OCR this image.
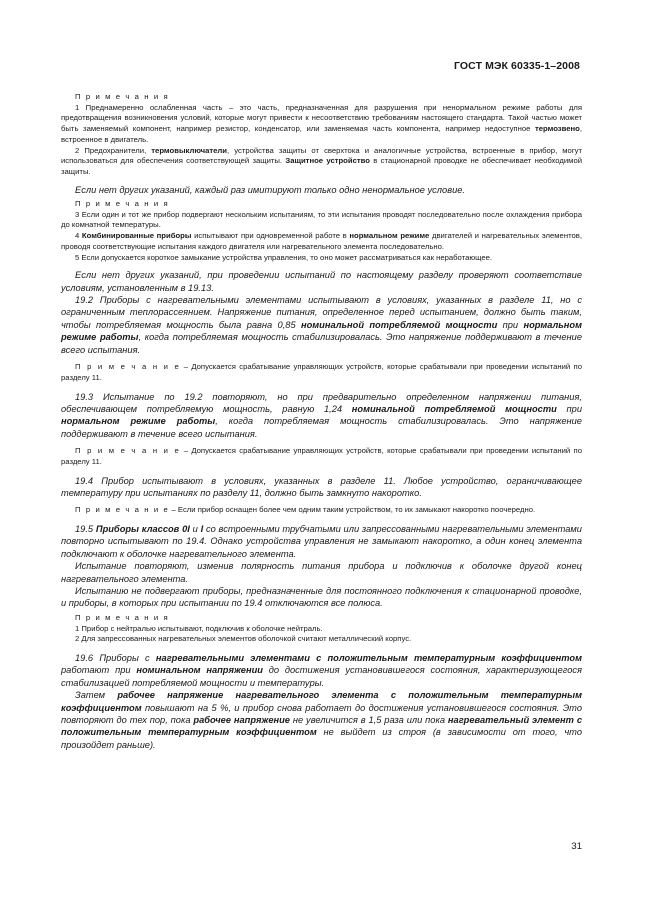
ГОСТ МЭК 60335-1–2008

П р и м е ч а н и я

1 Преднамеренно ослабленная часть – это часть, предназначенная для разрушения при ненормальном режиме работы для предотвращения возникновения условий, которые могут привести к несоответствию требованиям настоящего стандарта. Такой частью может быть заменяемый компонент, например резистор, конденсатор, или заменяемая часть компонента, например недоступное термозвено, встроенное в двигатель.

2 Предохранители, термовыключатели, устройства защиты от сверхтока и аналогичные устройства, встроенные в прибор, могут использоваться для обеспечения соответствующей защиты. Защитное устройство в стационарной проводке не обеспечивает необходимой защиты.

Если нет других указаний, каждый раз имитируют только одно ненормальное условие.

П р и м е ч а н и я

3 Если один и тот же прибор подвергают нескольким испытаниям, то эти испытания проводят последовательно после охлаждения прибора до комнатной температуры.

4 Комбинированные приборы испытывают при одновременной работе в нормальном режиме двигателей и нагревательных элементов, проводя соответствующие испытания каждого двигателя или нагревательного элемента последовательно.

5 Если допускается короткое замыкание устройства управления, то оно может рассматриваться как неработающее.

Если нет других указаний, при проведении испытаний по настоящему разделу проверяют соответствие условиям, установленным в 19.13.

19.2 Приборы с нагревательными элементами испытывают в условиях, указанных в разделе 11, но с ограниченным теплорассеянием. Напряжение питания, определенное перед испытанием, должно быть таким, чтобы потребляемая мощность была равна 0,85 номинальной потребляемой мощности при нормальном режиме работы, когда потребляемая мощность стабилизировалась. Это напряжение поддерживают в течение всего испытания.

П р и м е ч а н и е – Допускается срабатывание управляющих устройств, которые срабатывали при проведении испытаний по разделу 11.

19.3 Испытание по 19.2 повторяют, но при предварительно определенном напряжении питания, обеспечивающем потребляемую мощность, равную 1,24 номинальной потребляемой мощности при нормальном режиме работы, когда потребляемая мощность стабилизировалась. Это напряжение поддерживают в течение всего испытания.

П р и м е ч а н и е – Допускается срабатывание управляющих устройств, которые срабатывали при проведении испытаний по разделу 11.

19.4 Прибор испытывают в условиях, указанных в разделе 11. Любое устройство, ограничивающее температуру при испытаниях по разделу 11, должно быть замкнуто накоротко.

П р и м е ч а н и е – Если прибор оснащен более чем одним таким устройством, то их замыкают накоротко поочередно.

19.5 Приборы классов 0I и I со встроенными трубчатыми или запрессованными нагревательными элементами повторно испытывают по 19.4. Однако устройства управления не замыкают накоротко, а один конец элемента подключают к оболочке нагревательного элемента.

Испытание повторяют, изменив полярность питания прибора и подключив к оболочке другой конец нагревательного элемента.

Испытанию не подвергают приборы, предназначенные для постоянного подключения к стационарной проводке, и приборы, в которых при испытании по 19.4 отключаются все полюса.

П р и м е ч а н и я

1 Прибор с нейтралью испытывают, подключив к оболочке нейтраль.

2 Для запрессованных нагревательных элементов оболочкой считают металлический корпус.

19.6 Приборы с нагревательными элементами с положительным температурным коэффициентом работают при номинальном напряжении до достижения установившегося состояния, характеризующегося стабилизацией потребляемой мощности и температуры.

Затем рабочее напряжение нагревательного элемента с положительным температурным коэффициентом повышают на 5 %, и прибор снова работает до достижения установившегося состояния. Это повторяют до тех пор, пока рабочее напряжение не увеличится в 1,5 раза или пока нагревательный элемент с положительным температурным коэффициентом не выйдет из строя (в зависимости от того, что произойдет раньше).

31
